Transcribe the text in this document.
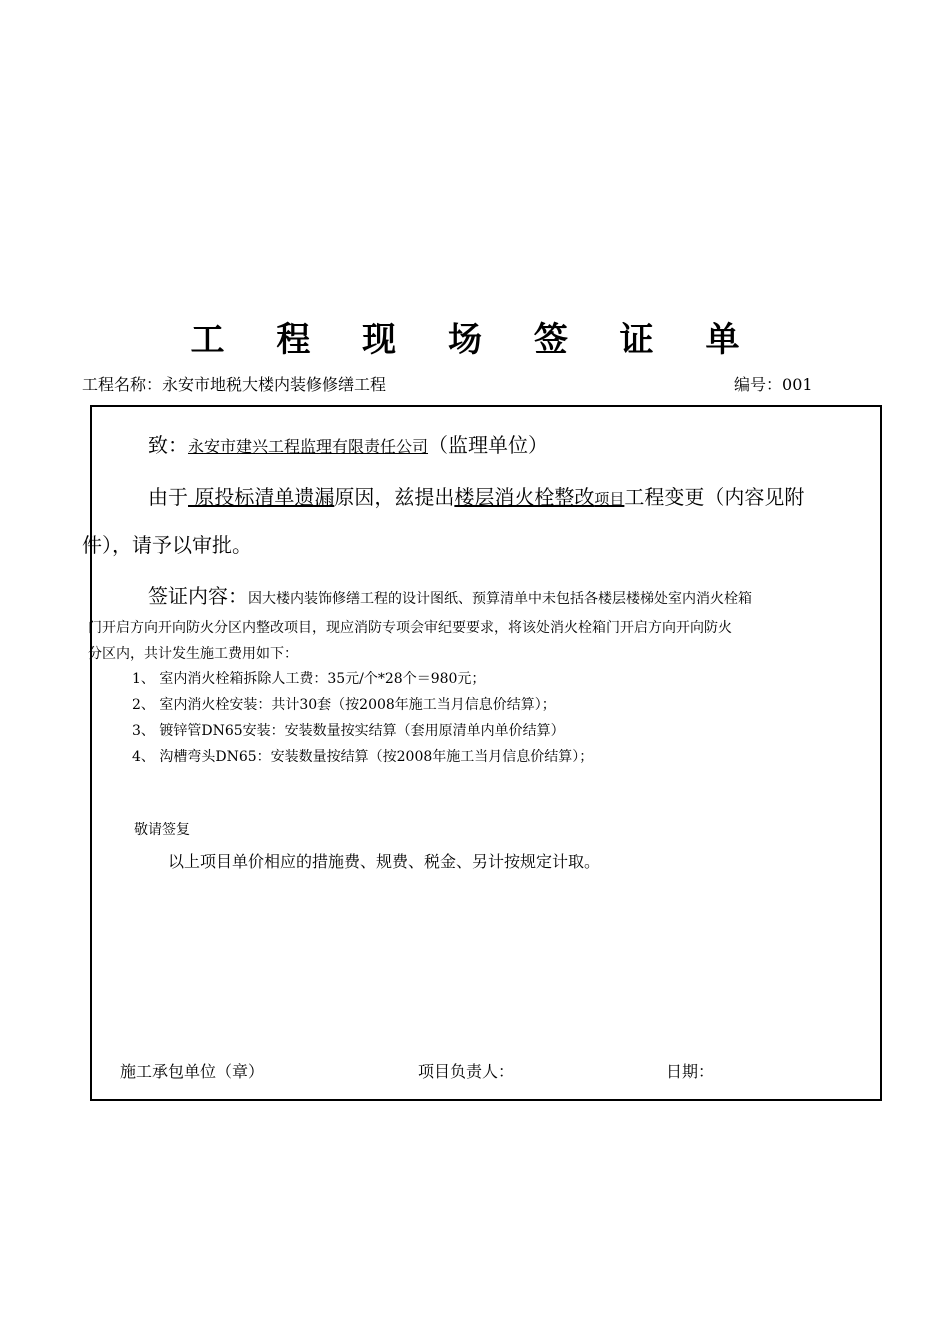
工 程 现 场 签 证 单
工程名称：永安市地税大楼内装修修缮工程	编号：001
致：永安市建兴工程监理有限责任公司（监理单位）
由于 原投标清单遗漏原因，兹提出楼层消火栓整改项目工程变更（内容见附
件），请予以审批。
签证内容：因大楼内装饰修缮工程的设计图纸、预算清单中未包括各楼层楼梯处室内消火栓箱
门开启方向开向防火分区内整改项目，现应消防专项会审纪要要求，将该处消火栓箱门开启方向开向防火
分区内，共计发生施工费用如下：
1、 室内消火栓箱拆除人工费：35元/个*28个＝980元；
2、 室内消火栓安装：共计30套（按2008年施工当月信息价结算）；
3、 镀锌管DN65安装：安装数量按实结算（套用原清单内单价结算）
4、 沟槽弯头DN65：安装数量按结算（按2008年施工当月信息价结算）；
敬请签复
以上项目单价相应的措施费、规费、税金、另计按规定计取。
施工承包单位（章）	项目负责人：	日期：
